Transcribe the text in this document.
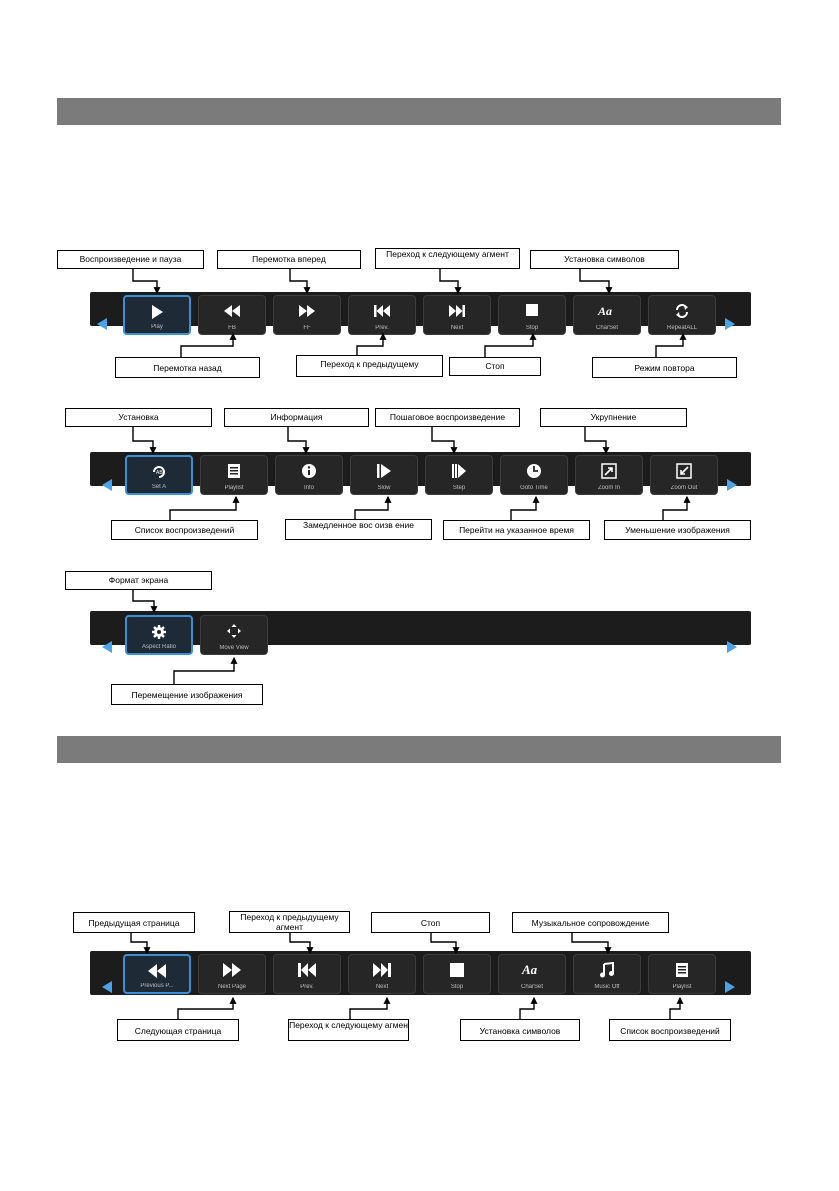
Play	FB	FF	Prev.	Next	Stop
Aa
CharSet	RepeatALL
Воспроизведение и пауза	Перемотка вперед	Переход к следующему агмент	Установка символов
Перемотка назад	Переход к предыдущему	Стоп	Режим повтора
AB
Set A	Playlist	Info	Slow	Step	Goto Time	Zoom In	Zoom Out
Установка	Информация	Пошаговое воспроизведение	Укрупнение
Список воспроизведений	Замедленное вос оизв ение	Перейти на указанное время	Уменьшение изображения
Aspect Ratio	Move View
Формат экрана
Перемещение изображения
Previous P...	Next Page	Prev.	Next	Stop
Aa
CharSet	Music Off	Playlist
Предыдущая страница
Переход к предыдущему агмент	Стоп	Музыкальное сопровождение
Следующая страница
Переход к следующему агмен
Установка символов	Список воспроизведений
